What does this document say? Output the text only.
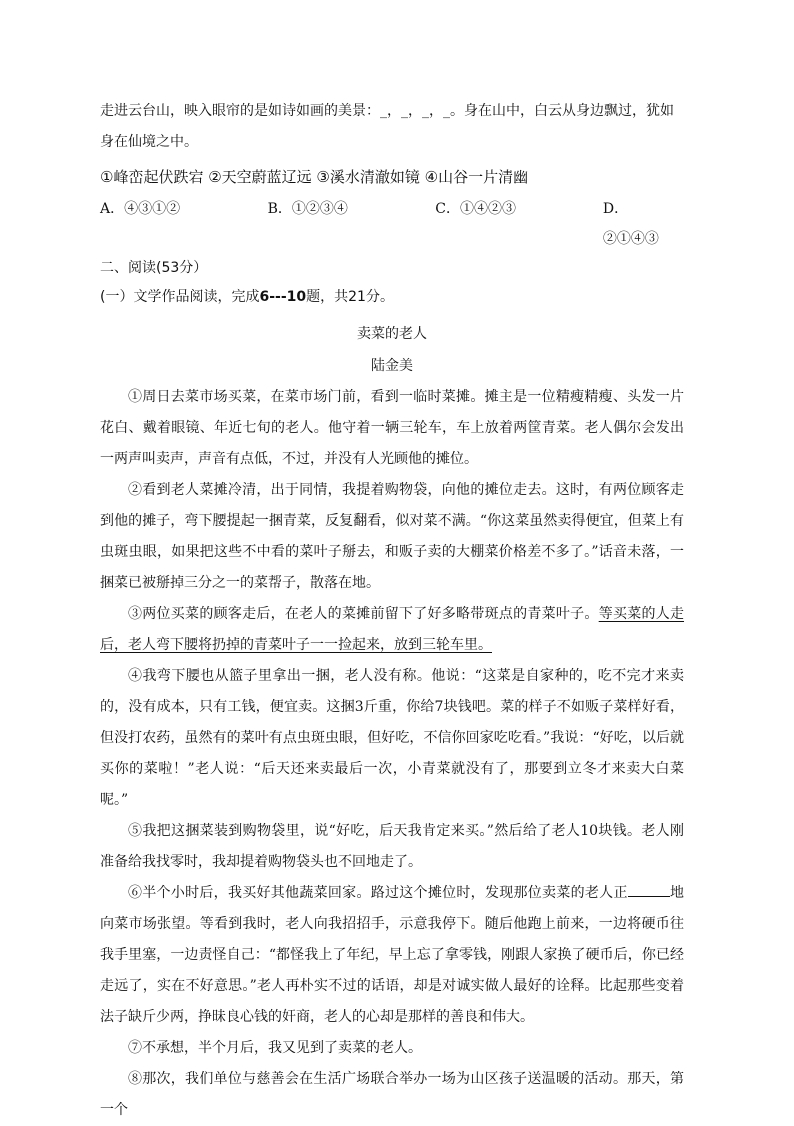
走进云台山，映入眼帘的是如诗如画的美景：_，_，_，_。身在山中，白云从身边飘过，犹如
身在仙境之中。

①峰峦起伏跌宕 ②天空蔚蓝辽远 ③溪水清澈如镜 ④山谷一片清幽

A．④③①②	B．①②③④	C．①④②③	D．②①④③

二、阅读(53分）

(一）文学作品阅读，完成6---10题，共21分。

卖菜的老人

陆金美

①周日去菜市场买菜，在菜市场门前，看到一临时菜摊。摊主是一位精瘦精瘦、头发一片花白、戴着眼镜、年近七旬的老人。他守着一辆三轮车，车上放着两筐青菜。老人偶尔会发出一两声叫卖声，声音有点低，不过，并没有人光顾他的摊位。

②看到老人菜摊冷清，出于同情，我提着购物袋，向他的摊位走去。这时，有两位顾客走到他的摊子，弯下腰提起一捆青菜，反复翻看，似对菜不满。“你这菜虽然卖得便宜，但菜上有虫斑虫眼，如果把这些不中看的菜叶子掰去，和贩子卖的大棚菜价格差不多了。”话音未落，一捆菜已被掰掉三分之一的菜帮子，散落在地。

③两位买菜的顾客走后，在老人的菜摊前留下了好多略带斑点的青菜叶子。等买菜的人走后，老人弯下腰将扔掉的青菜叶子一一捡起来，放到三轮车里。

④我弯下腰也从篮子里拿出一捆，老人没有称。他说：“这菜是自家种的，吃不完才来卖的，没有成本，只有工钱，便宜卖。这捆3斤重，你给7块钱吧。菜的样子不如贩子菜样好看，但没打农药，虽然有的菜叶有点虫斑虫眼，但好吃，不信你回家吃吃看。”我说：“好吃，以后就买你的菜啦！”老人说：“后天还来卖最后一次，小青菜就没有了，那要到立冬才来卖大白菜呢。”

⑤我把这捆菜装到购物袋里，说“好吃，后天我肯定来买。”然后给了老人10块钱。老人刚准备给我找零时，我却提着购物袋头也不回地走了。

⑥半个小时后，我买好其他蔬菜回家。路过这个摊位时，发现那位卖菜的老人正	地向菜市场张望。等看到我时，老人向我招招手，示意我停下。随后他跑上前来，一边将硬币往我手里塞，一边责怪自己：“都怪我上了年纪，早上忘了拿零钱，刚跟人家换了硬币后，你已经走远了，实在不好意思。”老人再朴实不过的话语，却是对诚实做人最好的诠释。比起那些变着法子缺斤少两，挣昧良心钱的奸商，老人的心却是那样的善良和伟大。

⑦不承想，半个月后，我又见到了卖菜的老人。

⑧那次，我们单位与慈善会在生活广场联合举办一场为山区孩子送温暖的活动。那天，第一个
